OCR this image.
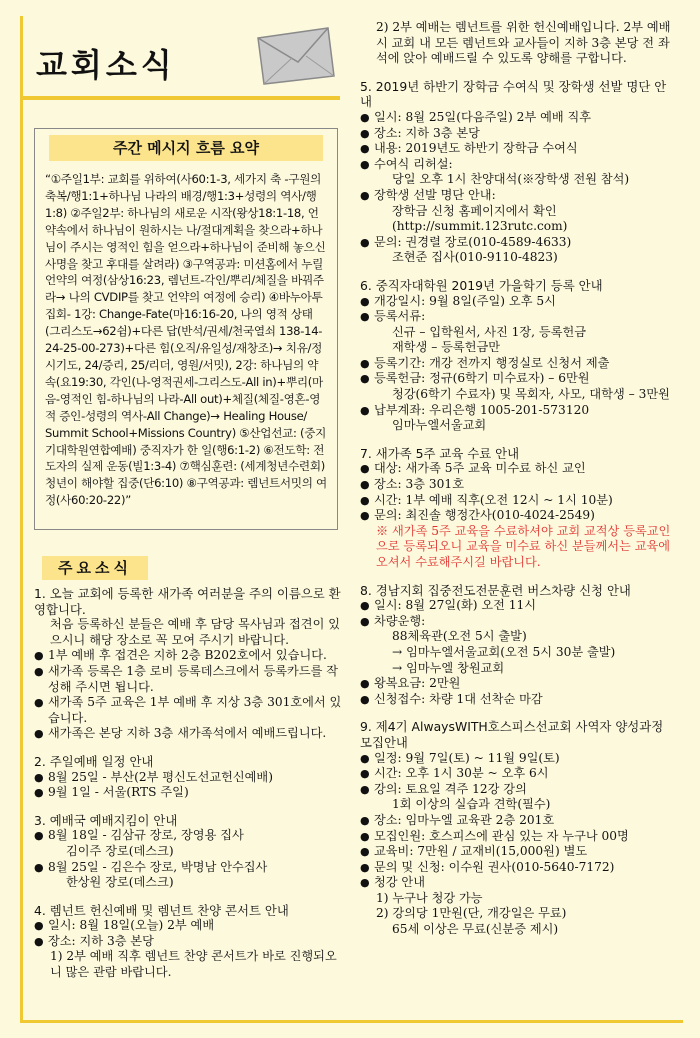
교회소식
주간 메시지 흐름 요약
“①주일1부: 교회를 위하여(사60:1-3, 세가지 축 -구원의 축복/행1:1+하나님 나라의 배경/행1:3+성령의 역사/행1:8) ②주일2부: 하나님의 새로운 시작(왕상18:1-18, 언약속에서 하나님이 원하시는 나/절대계획을 찾으라+하나님이 주시는 영적인 힘을 얻으라+하나님이 준비해 놓으신 사명을 찾고 후대를 살려라) ③구역공과: 미션홈에서 누릴 언약의 여정(삼상16:23, 렘넌트-각인/뿌리/체질을 바꿔주라→ 나의 CVDIP를 찾고 언약의 여정에 승리) ④바누아투집회- 1강: Change-Fate(마16:16-20, 나의 영적 상태(그리스도→62쉼)+다른 답(반석/권세/천국열쇠 138-14-24-25-00-273)+다른 힘(오직/유일성/재창조)→ 치유/정시기도, 24/증리, 25/리더, 영원/서밋), 2강: 하나님의 약속(요19:30, 각인(나-영적권세-그리스도-All in)+뿌리(마음-영적인 힘-하나님의 나라-All out)+체질(체질-영혼-영적 증인-성령의 역사-All Change)→ Healing House/ Summit School+Missions Country) ⑤산업선교: (중지기대학원연합예배) 중직자가 한 일(행6:1-2) ⑥전도학: 전도자의 실제 운동(빌1:3-4) ⑦핵심훈련: (세계청년수련회) 청년이 해야할 집중(단6:10) ⑧구역공과: 렘넌트서밋의 여정(사60:20-22)”
주요소식
1. 오늘 교회에 등록한 새가족 여러분을 주의 이름으로 환영합니다.
처음 등록하신 분들은 예배 후 담당 목사님과 접견이 있으시니 해당 장소로 꼭 모여 주시기 바랍니다.
● 1부 예배 후 접견은 지하 2층 B202호에서 있습니다.
● 새가족 등록은 1층 로비 등록데스크에서 등록카드를 작성해 주시면 됩니다.
● 새가족 5주 교육은 1부 예배 후 지상 3층 301호에서 있습니다.
● 새가족은 본당 지하 3층 새가족석에서 예배드립니다.
2. 주일예배 일정 안내
● 8월 25일 - 부산(2부 평신도선교헌신예배)
● 9월 1일 - 서울(RTS 주일)
3. 예배국 예배지킴이 안내
● 8월 18일 - 김삼규 장로, 장영용 집사
김이주 장로(데스크)
● 8월 25일 - 김은수 장로, 박명남 안수집사
한상원 장로(데스크)
4. 렘넌트 헌신예배 및 렘넌트 찬양 콘서트 안내
● 일시: 8월 18일(오늘) 2부 예배
● 장소: 지하 3층 본당
1) 2부 예배 직후 렘넌트 찬양 콘서트가 바로 진행되오니 많은 관람 바랍니다.
2) 2부 예배는 렘넌트를 위한 헌신예배입니다. 2부 예배 시 교회 내 모든 렘넌트와 교사들이 지하 3층 본당 전 좌석에 앉아 예배드릴 수 있도록 양해를 구합니다.
5. 2019년 하반기 장학금 수여식 및 장학생 선발 명단 안내
● 일시: 8월 25일(다음주일) 2부 예배 직후
● 장소: 지하 3층 본당
● 내용: 2019년도 하반기 장학금 수여식
● 수여식 리허설:
당일 오후 1시 찬양대석(※장학생 전원 참석)
● 장학생 선발 명단 안내:
장학금 신청 홈페이지에서 확인 (http://summit.123rutc.com)
● 문의: 권경렬 장로(010-4589-4633)
조현준 집사(010-9110-4823)
6. 중직자대학원 2019년 가을학기 등록 안내
● 개강일시: 9월 8일(주일) 오후 5시
● 등록서류:
신규 – 입학원서, 사진 1장, 등록헌금
재학생 – 등록헌금만
● 등록기간: 개강 전까지 행정실로 신청서 제출
● 등록헌금: 정규(6학기 미수료자) – 6만원
청강(6학기 수료자) 및 목회자, 사모, 대학생 – 3만원
● 납부계좌: 우리은행 1005-201-573120
임마누엘서울교회
7. 새가족 5주 교육 수료 안내
● 대상: 새가족 5주 교육 미수료 하신 교인
● 장소: 3층 301호
● 시간: 1부 예배 직후(오전 12시 ~ 1시 10분)
● 문의: 최진솔 행정간사(010-4024-2549)
※ 새가족 5주 교육을 수료하셔야 교회 교적상 등록교인으로 등록되오니 교육을 미수료 하신 분들께서는 교육에 오셔서 수료해주시길 바랍니다.
8. 경남지회 집중전도전문훈련 버스차량 신청 안내
● 일시: 8월 27일(화) 오전 11시
● 차량운행:
88체육관(오전 5시 출발)
→ 임마누엘서울교회(오전 5시 30분 출발)
→ 임마누엘 창원교회
● 왕복요금: 2만원
● 신청접수: 차량 1대 선착순 마감
9. 제4기 AlwaysWITH호스피스선교회 사역자 양성과정 모집안내
● 일정: 9월 7일(토) ~ 11월 9일(토)
● 시간: 오후 1시 30분 ~ 오후 6시
● 강의: 토요일 격주 12강 강의
1회 이상의 실습과 견학(필수)
● 장소: 임마누엘 교육관 2층 201호
● 모집인원: 호스피스에 관심 있는 자 누구나 00명
● 교육비: 7만원 / 교재비(15,000원) 별도
● 문의 및 신청: 이수원 권사(010-5640-7172)
● 청강 안내
1) 누구나 청강 가능
2) 강의당 1만원(단, 개강일은 무료)
65세 이상은 무료(신분증 제시)
